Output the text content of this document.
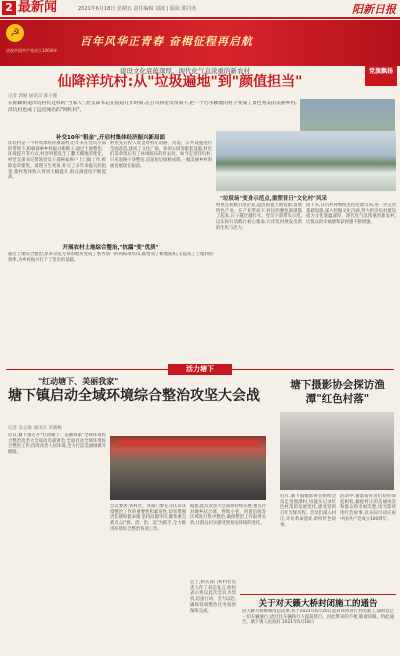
2 最新闻	2021年6月18日 星期五 责任编辑 刘波 | 版面 郭丹杰	阳新日报
☭
百年风华正青春 奋楫征程再启航
庆祝中国共产党成立100周年
党旗飘扬
建设文化底蕴深厚、现代化气息浓重的新农村
仙降洋坑村:从"垃圾遍地"到"颜值担当"
记者 郭丽 通讯员 陈小健
在仙降街道洋坑村有这样的"当家人",党支部书记在短短几年时间,在公司和党员带领下,把一个污水横流的村子变成了景色秀美的美丽乡村,洋坑村也成了远近闻名的"网红村"。
补交10年"租金",开启村集体经济振兴新局面
洋坑村是一个村集体经济薄弱村,近年来在党员干部的带领下,积极探索乡村振兴新路子,通过土地整治、环境提升等方式,村容村貌发生了翻天覆地的变化。村党支部书记带领党员干部挨家挨户上门做工作,拆除违章建筑、清理卫生死角,补交了多年来拖欠的租金,使村集体收入得到大幅提升,群众满意度不断提高。
村里先后投入资金对村庄道路、河道、公共设施进行全面改造,建成了文化广场、休闲公园等配套设施,村民们茶余饭后有了休闲娱乐的好去处。如今走进洋坑村,只见道路干净整洁,房前屋后绿树成荫,一幅美丽乡村的画卷展现在眼前。
"垃圾场"变身示范点,重塑昔日"文化村"风采
村里还积极引进企业,盘活闲置土地资源,发展特色产业。在产业带动下,村民的腰包渐渐鼓了起来,日子越过越红火。党员干部带头示范,以实际行动践行初心使命,让洋坑村焕发出新的生机与活力。
接下来,洋坑村将继续坚持党建引领,进一步完善基础设施,深入挖掘文化内涵,努力把洋坑村建设成为文化底蕴深厚、现代化气息浓重的新农村,让群众的幸福感和获得感不断增强。
开展农村土地综合整治,"抗漏"变"优质"
通过土地综合整治,原本杂乱无章的地块变成了整齐划一的高标准农田,既增加了耕地面积,又提高了土地利用效率,为乡村振兴打下了坚实的基础。
活力塘下
"红动塘下、美丽我家"
塘下镇启动全域环境综合整治攻坚大会战
记者 吴志敏 通讯员 李晓梅
近日,塘下镇召开"红动塘下、美丽我家"全域环境综合整治攻坚大会战动员部署会,全面启动全域环境综合整治工作,持续改善人居环境,全力打造美丽城镇升级版。
会议要求,各村社、各部门要充分认识环境整治工作的重要性和紧迫性,切实增强责任感和使命感,坚持问题导向,聚焦重点难点,以"拆、清、治、美"为抓手,全力推进环境综合整治各项工作。
据悉,此次攻坚大会战将持续开展,重点针对城乡结合部、背街小巷、河道沿线等区域进行集中整治,确保整治工作取得实效,让群众切实感受到身边环境的变化。
会上,相关部门和村社负责人作了表态发言,纷纷表示将以此次会议为契机,迅速行动、全力以赴,确保各项整治任务按时保质完成。
塘下摄影协会探访渔潭"红色村落"
近日,塘下镇摄影协会组织会员走进渔潭村,用镜头记录红色村落的发展变化,感受党的百年光辉历程。会员们深入村庄,寻访革命遗址,聆听红色故事。
活动中,摄影爱好者们纷纷拿起相机,捕捉村庄的美丽风景和群众的幸福笑脸,用光影讲述红色故事,以实际行动庆祝中国共产党成立100周年。
关于对天籁大桥封闭施工的通告
因天籁大桥维修改造需要,将于2021年6月20日起对该桥进行封闭施工,届时禁止一切车辆通行,请过往车辆和行人提前绕行。由此带来的不便,敬请谅解。特此通告。塘下镇人民政府 2021年6月18日
